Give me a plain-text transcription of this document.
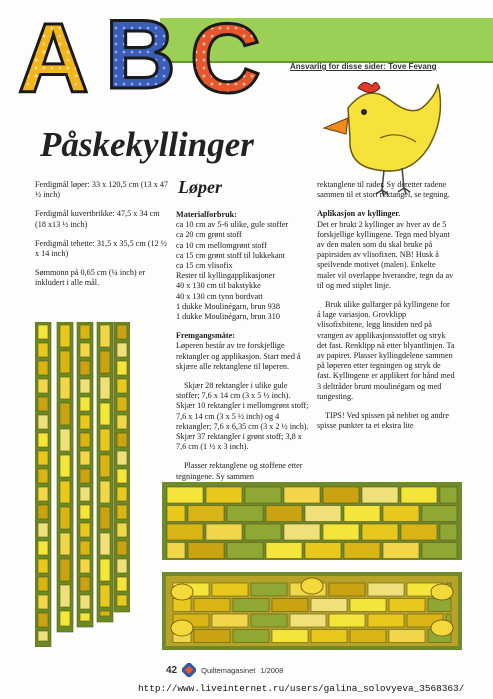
A B C	Ansvarlig for disse sider: Tove Fevang
Påskekyllinger
Løper

Ferdigmål løper: 33 x 120,5 cm (13 x 47 ½ inch)

Ferdigmål kuvertbrikke: 47,5 x 34 cm (18 x13 ½ inch)

Ferdigmål tehette: 31,5 x 35,5 cm (12 ½ x 14 inch)

Sømmonn på 0,65 cm (¼ inch) er inkludert i alle mål.

Materialforbruk:
ca 10 cm av 5-6 ulike, gule stoffer
ca 20 cm grønt stoff
ca 10 cm mellomgrønt stoff
ca 15 cm grønt stoff til lukkekant
ca 15 cm vlisofix
Rester til kyllingapplikasjoner
40 x 130 cm til bakstykke
40 x 130 cm tynn bordvatt
1 dukke Moulinégarn, brun 938
1 dukke Moulinégarn, brun 310
Fremgangsmåte:

Løperen består av tre forskjellige rektangler og applikasjon. Start med å skjære alle rektanglene til løperen.

Skjær 28 rektangler i ulike gule stoffer; 7,6 x 14 cm (3 x 5 ½ inch). Skjær 10 rektangler i mellomgrønt stoff; 7,6 x 14 cm (3 x 5 ½ inch) og 4 rektangler; 7,6 x 6,35 cm (3 x 2 ½ inch). Skjær 37 rektangler i grønt stoff; 3,8 x 7,6 cm (1 ½ x 3 inch).

Plasser rektanglene og stoffene etter tegningene. Sy sammen

rektanglene til rader. Sy deretter radene sammen til et stort rektangel, se tegning.

Aplikasjon av kyllinger.

Det er brukt 2 kyllinger av hver av de 5 forskjellige kyllingene. Tegn med blyant av den malen som du skal bruke på papirsiden av vlisofixen. NB! Husk å speilvende motivet (malen). Enkelte maler vil overlappe hverandre, tegn da av til og med stiplet linje.

Bruk ulike gulfarger på kyllingene for å lage variasjon. Grovklipp vlisofixbitene, legg linsiden ned på vrangen av applikasjonsstoffet og stryk det fast. Renklipp nå etter blyantlinjen. Ta av papiret. Plasser kyllingdelene sammen på løperen etter tegningen og stryk de fast. Kyllingene er applikert for hånd med 3 deltråder brunt moulinégarn og med tungesting.

TIPS! Ved spissen på nebbet og andre spisse punkter ta et ekstra lite

42	Quiltemagasinet 1/2008
http://www.liveinternet.ru/users/galina_solovyeva_3568363/
